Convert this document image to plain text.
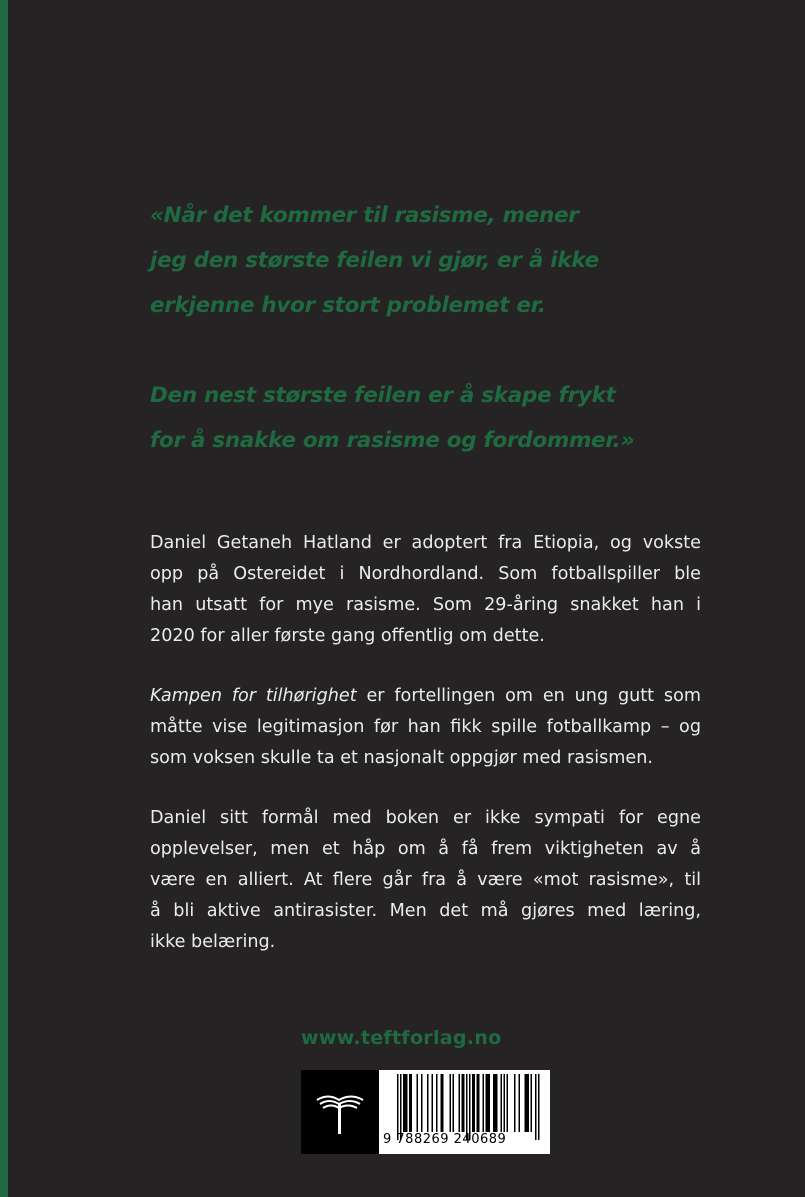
«Når det kommer til rasisme, mener
jeg den største feilen vi gjør, er å ikke
erkjenne hvor stort problemet er.
Den nest største feilen er å skape frykt
for å snakke om rasisme og fordommer.»

Daniel Getaneh Hatland er adoptert fra Etiopia, og vokste
opp på Ostereidet i Nordhordland. Som fotballspiller ble
han utsatt for mye rasisme. Som 29-åring snakket han i
2020 for aller første gang offentlig om dette.

Kampen for tilhørighet er fortellingen om en ung gutt som
måtte vise legitimasjon før han fikk spille fotballkamp – og
som voksen skulle ta et nasjonalt oppgjør med rasismen.

Daniel sitt formål med boken er ikke sympati for egne
opplevelser, men et håp om å få frem viktigheten av å
være en alliert. At flere går fra å være «mot rasisme», til
å bli aktive antirasister. Men det må gjøres med læring,
ikke belæring.

www.teftforlag.no
9 788269 240689
